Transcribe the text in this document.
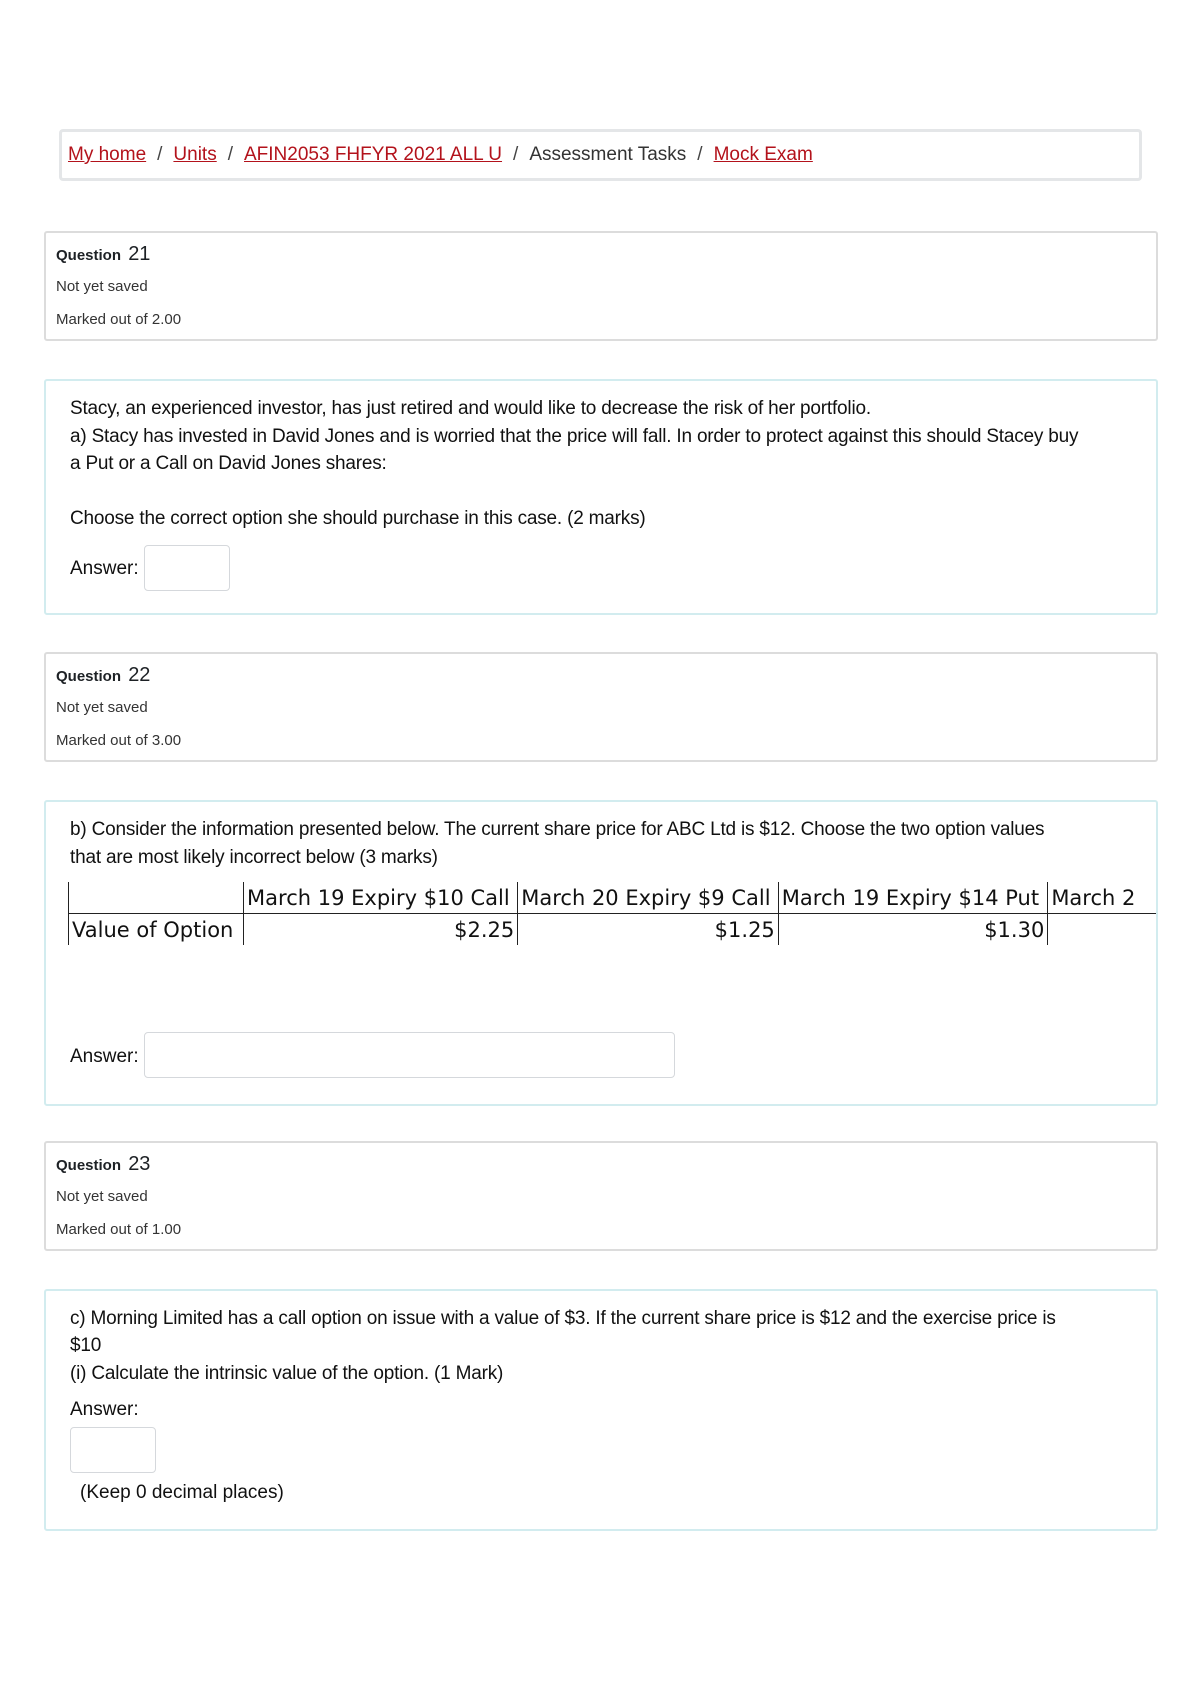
My home / Units / AFIN2053 FHFYR 2021 ALL U / Assessment Tasks / Mock Exam
Question 21
Not yet saved
Marked out of 2.00
Stacy, an experienced investor, has just retired and would like to decrease the risk of her portfolio.
a) Stacy has invested in David Jones and is worried that the price will fall. In order to protect against this should Stacey buy
a Put or a Call on David Jones shares:
Choose the correct option she should purchase in this case. (2 marks)
Answer:
Question 22
Not yet saved
Marked out of 3.00
b) Consider the information presented below. The current share price for ABC Ltd is $12. Choose the two option values
that are most likely incorrect below (3 marks)
	March 19 Expiry $10 Call	March 20 Expiry $9 Call	March 19 Expiry $14 Put	March 2
Value of Option	$2.25	$1.25	$1.30	
Answer:
Question 23
Not yet saved
Marked out of 1.00
c) Morning Limited has a call option on issue with a value of $3. If the current share price is $12 and the exercise price is
$10
(i) Calculate the intrinsic value of the option. (1 Mark)
Answer:
(Keep 0 decimal places)
